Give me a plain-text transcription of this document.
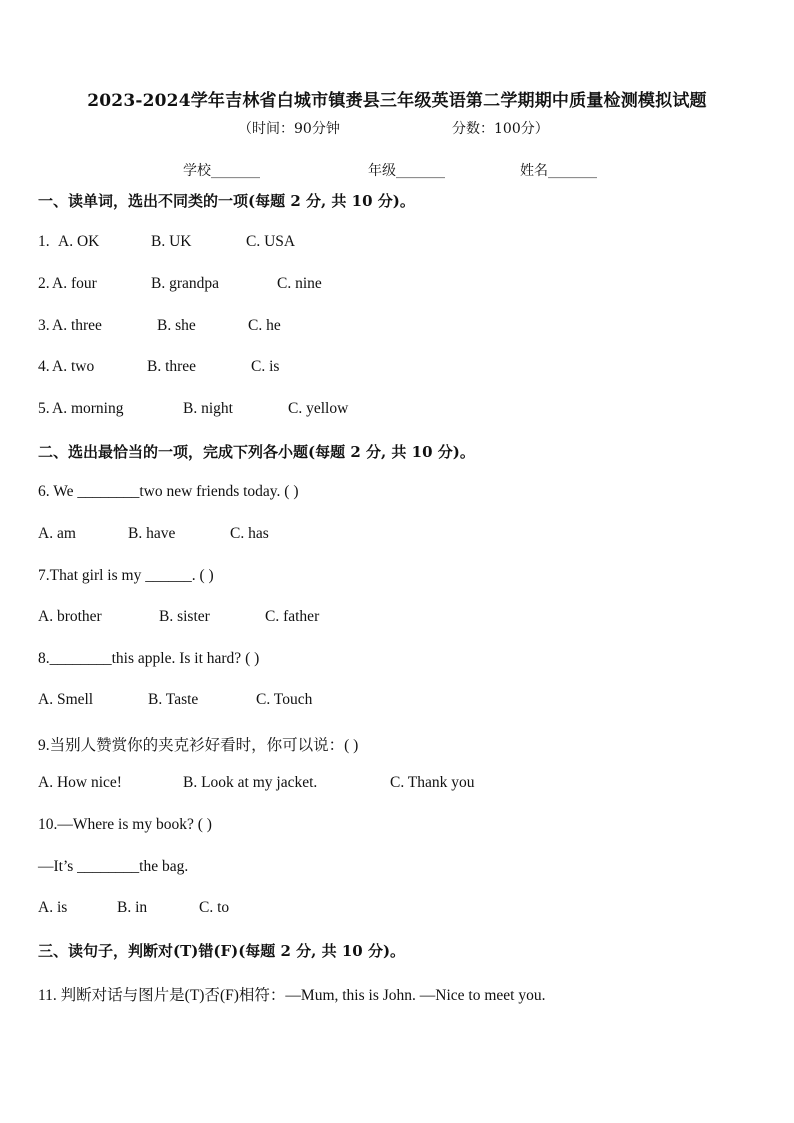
2023-2024学年吉林省白城市镇赉县三年级英语第二学期期中质量检测模拟试题
（时间：90分钟	分数：100分）
学校_______	年级_______	姓名_______
一、读单词，选出不同类的一项(每题 2 分, 共 10 分)。
1. A. OK	B. UK	C. USA
2. A. four	B. grandpa	C. nine
3. A. three	B. she	C. he
4. A. two	B. three	C. is
5. A. morning	B. night	C. yellow
二、选出最恰当的一项，完成下列各小题(每题 2 分, 共 10 分)。
6. We ________two new friends today. ( )
A. am	B. have	C. has
7.That girl is my ______. ( )
A. brother	B. sister	C. father
8.________this apple. Is it hard? ( )
A. Smell	B. Taste	C. Touch
9.当别人赞赏你的夹克衫好看时，你可以说：( )
A. How nice!	B. Look at my jacket.	C. Thank you
10.—Where is my book? ( )
—It’s ________the bag.
A. is	B. in	C. to
三、读句子，判断对(T)错(F)(每题 2 分, 共 10 分)。
11. 判断对话与图片是(T)否(F)相符：—Mum, this is John. —Nice to meet you.
